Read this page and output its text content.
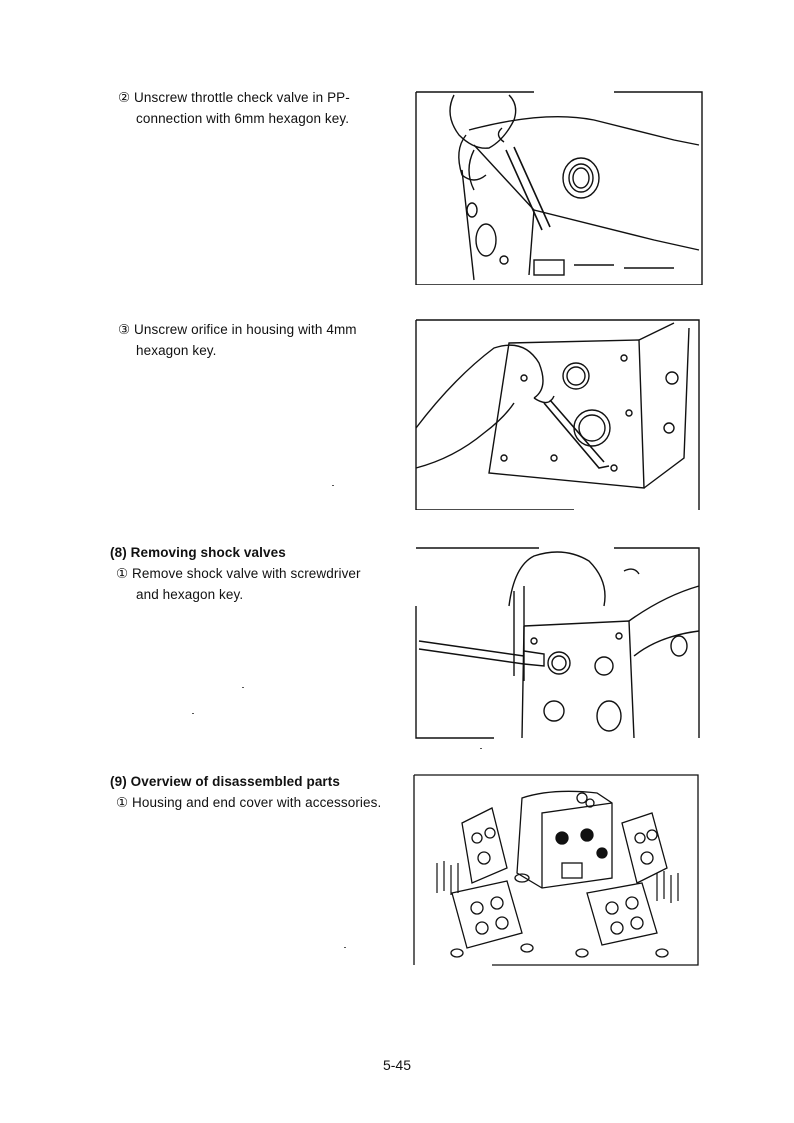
② Unscrew throttle check valve in PP-
connection with 6mm hexagon key.
③ Unscrew orifice in housing with 4mm
hexagon key.
(8) Removing shock valves
① Remove shock valve with screwdriver
and hexagon key.
(9) Overview of disassembled parts
① Housing and end cover with accessories.
5-45
